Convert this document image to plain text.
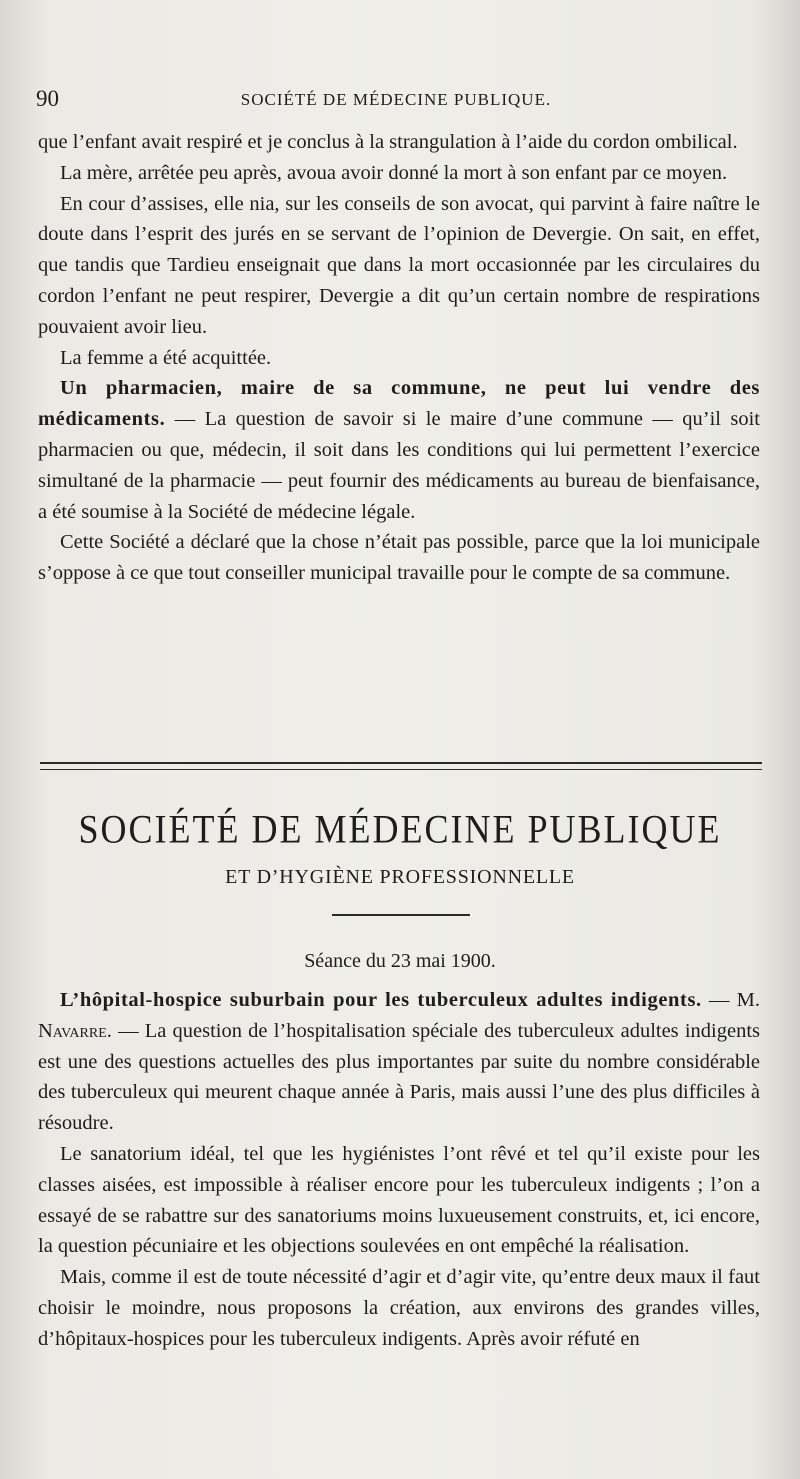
90	SOCIÉTÉ DE MÉDECINE PUBLIQUE.

que l’enfant avait respiré et je conclus à la strangulation à l’aide du cordon ombilical.

La mère, arrêtée peu après, avoua avoir donné la mort à son enfant par ce moyen.

En cour d’assises, elle nia, sur les conseils de son avocat, qui parvint à faire naître le doute dans l’esprit des jurés en se servant de l’opinion de Devergie. On sait, en effet, que tandis que Tardieu enseignait que dans la mort occasionnée par les circulaires du cordon l’enfant ne peut respirer, Devergie a dit qu’un certain nombre de respirations pouvaient avoir lieu.

La femme a été acquittée.

Un pharmacien, maire de sa commune, ne peut lui vendre des médicaments. — La question de savoir si le maire d’une commune — qu’il soit pharmacien ou que, médecin, il soit dans les conditions qui lui permettent l’exercice simultané de la pharmacie — peut fournir des médicaments au bureau de bienfaisance, a été soumise à la Société de médecine légale.

Cette Société a déclaré que la chose n’était pas possible, parce que la loi municipale s’oppose à ce que tout conseiller municipal travaille pour le compte de sa commune.

SOCIÉTÉ DE MÉDECINE PUBLIQUE
ET D’HYGIÈNE PROFESSIONNELLE
Séance du 23 mai 1900.

L’hôpital-hospice suburbain pour les tuberculeux adultes indigents. — M. Navarre. — La question de l’hospitalisation spéciale des tuberculeux adultes indigents est une des questions actuelles des plus importantes par suite du nombre considérable des tuberculeux qui meurent chaque année à Paris, mais aussi l’une des plus difficiles à résoudre.

Le sanatorium idéal, tel que les hygiénistes l’ont rêvé et tel qu’il existe pour les classes aisées, est impossible à réaliser encore pour les tuberculeux indigents ; l’on a essayé de se rabattre sur des sanatoriums moins luxueusement construits, et, ici encore, la question pécuniaire et les objections soulevées en ont empêché la réalisation.

Mais, comme il est de toute nécessité d’agir et d’agir vite, qu’entre deux maux il faut choisir le moindre, nous proposons la création, aux environs des grandes villes, d’hôpitaux-hospices pour les tuberculeux indigents. Après avoir réfuté en
